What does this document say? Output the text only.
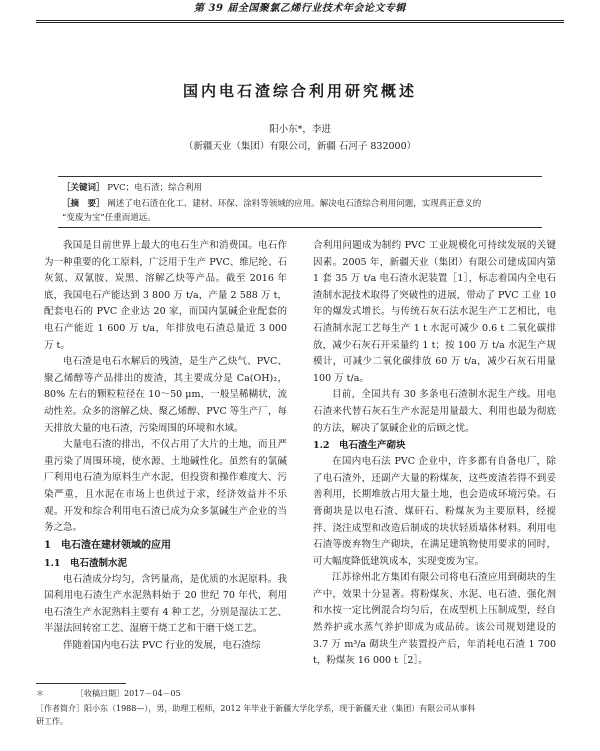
第 39 届全国聚氯乙烯行业技术年会论文专辑
国内电石渣综合利用研究概述
阳小东*，李进
（新疆天业（集团）有限公司，新疆 石河子 832000）
［关键词］ PVC；电石渣；综合利用
［摘　要］ 阐述了电石渣在化工、建材、环保、涂料等领域的应用。解决电石渣综合利用问题，实现真正意义的
“变废为宝”任重而道远。

我国是目前世界上最大的电石生产和消费国。电石作为一种重要的化工原料，广泛用于生产 PVC、维尼纶、石灰氮、双氰胺、炭黑、溶解乙炔等产品。截至 2016 年底，我国电石产能达到 3 800 万 t/a，产量 2 588 万 t，配套电石的 PVC 企业达 20 家，而国内氯碱企业配套的电石产能近 1 600 万 t/a，年排放电石渣总量近 3 000 万 t。

电石渣是电石水解后的残渣，是生产乙炔气、PVC、聚乙烯醇等产品排出的废渣，其主要成分是 Ca(OH)₂，80% 左右的颗粒粒径在 10～50 μm，一般呈稀糊状，流动性差。众多的溶解乙炔、聚乙烯醇、PVC 等生产厂，每天排放大量的电石渣，污染周围的环境和水域。

大量电石渣的排出，不仅占用了大片的土地，而且严重污染了周围环境，使水源、土地碱性化。虽然有的氯碱厂利用电石渣为原料生产水泥，但投资和操作难度大、污染严重，且水泥在市场上也供过于求，经济效益并不乐观。开发和综合利用电石渣已成为众多氯碱生产企业的当务之急。

1　电石渣在建材领域的应用
1.1　电石渣制水泥

电石渣成分均匀，含钙量高，是优质的水泥原料。我国利用电石渣生产水泥熟料始于 20 世纪 70 年代，利用电石渣生产水泥熟料主要有 4 种工艺，分别是湿法工艺、半湿法回转窑工艺、湿磨干烧工艺和干磨干烧工艺。

伴随着国内电石法 PVC 行业的发展，电石渣综

合利用问题成为制约 PVC 工业规模化可持续发展的关键因素。2005 年，新疆天业（集团）有限公司建成国内第 1 套 35 万 t/a 电石渣水泥装置［1］，标志着国内全电石渣制水泥技术取得了突破性的进展，带动了 PVC 工业 10 年的爆发式增长。与传统石灰石法水泥生产工艺相比，电石渣制水泥工艺每生产 1 t 水泥可减少 0.6 t 二氧化碳排放，减少石灰石开采量约 1 t；按 100 万 t/a 水泥生产规模计，可减少二氧化碳排放 60 万 t/a，减少石灰石用量 100 万 t/a。

目前，全国共有 30 多条电石渣制水泥生产线。用电石渣来代替石灰石生产水泥是用量最大、利用也最为彻底的方法，解决了氯碱企业的后顾之忧。

1.2　电石渣生产砌块

在国内电石法 PVC 企业中，许多都有自备电厂，除了电石渣外，还副产大量的粉煤灰，这些废渣若得不到妥善利用，长期堆放占用大量土地，也会造成环境污染。石膏砌块是以电石渣、煤矸石、粉煤灰为主要原料，经搅拌、浇注成型和改造后制成的块状轻质墙体材料。利用电石渣等废弃物生产砌块，在满足建筑物使用要求的同时，可大幅度降低建筑成本，实现变废为宝。

江苏徐州北方集团有限公司将电石渣应用到砌块的生产中，效果十分显著。将粉煤灰、水泥、电石渣、强化剂和水按一定比例混合均匀后，在成型机上压制成型，经自然养护或水蒸气养护即成为成品砖。该公司规划建设的 3.7 万 m³/a 砌块生产装置投产后，年消耗电石渣 1 700 t，粉煤灰 16 000 t［2］。

＊	［收稿日期］2017－04－05
［作者简介］阳小东（1988—），男，助理工程师，2012 年毕业于新疆大学化学系，现于新疆天业（集团）有限公司从事科
研工作。
